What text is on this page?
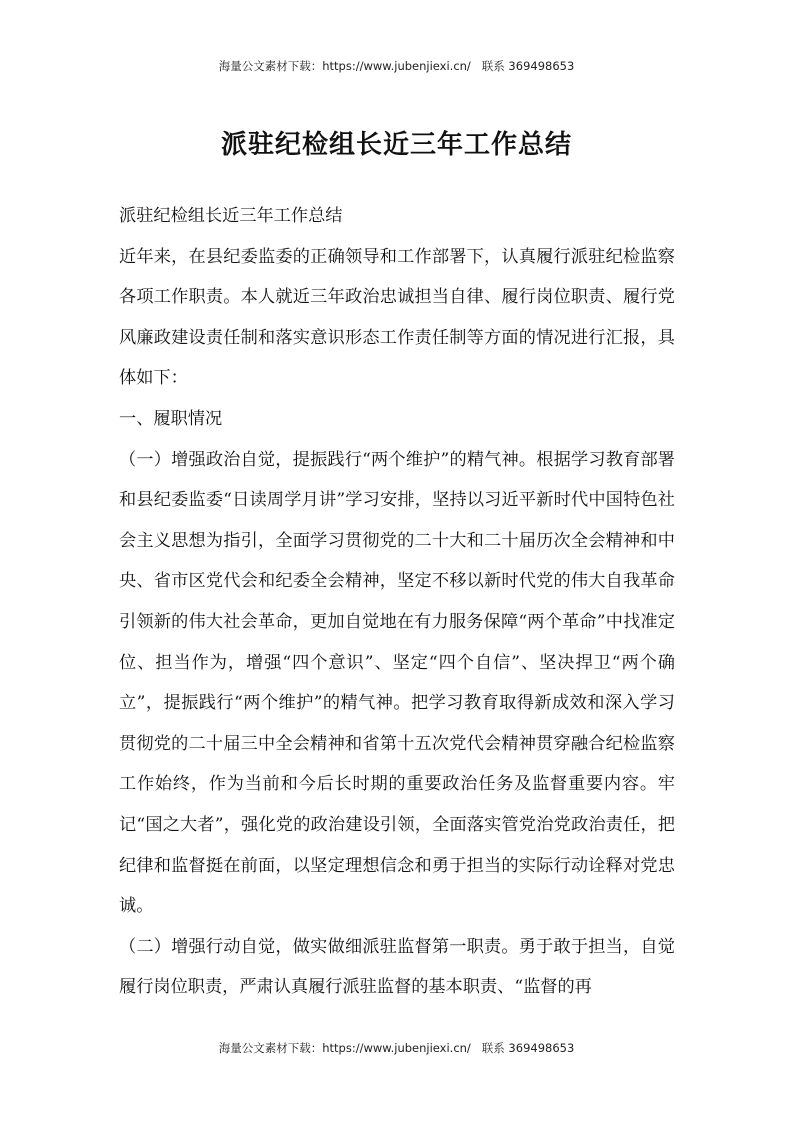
海量公文素材下载：https://www.jubenjiexi.cn/   联系 369498653
派驻纪检组长近三年工作总结

派驻纪检组长近三年工作总结

近年来，在县纪委监委的正确领导和工作部署下，认真履行派驻纪检监察各项工作职责。本人就近三年政治忠诚担当自律、履行岗位职责、履行党风廉政建设责任制和落实意识形态工作责任制等方面的情况进行汇报，具体如下：

一、履职情况

（一）增强政治自觉，提振践行“两个维护”的精气神。根据学习教育部署和县纪委监委“日读周学月讲”学习安排，坚持以习近平新时代中国特色社会主义思想为指引，全面学习贯彻党的二十大和二十届历次全会精神和中央、省市区党代会和纪委全会精神，坚定不移以新时代党的伟大自我革命引领新的伟大社会革命，更加自觉地在有力服务保障“两个革命”中找准定位、担当作为，增强“四个意识”、坚定“四个自信”、坚决捍卫“两个确立”，提振践行“两个维护”的精气神。把学习教育取得新成效和深入学习贯彻党的二十届三中全会精神和省第十五次党代会精神贯穿融合纪检监察工作始终，作为当前和今后长时期的重要政治任务及监督重要内容。牢记“国之大者”，强化党的政治建设引领，全面落实管党治党政治责任，把纪律和监督挺在前面，以坚定理想信念和勇于担当的实际行动诠释对党忠诚。

（二）增强行动自觉，做实做细派驻监督第一职责。勇于敢于担当，自觉履行岗位职责，严肃认真履行派驻监督的基本职责、“监督的再

海量公文素材下载：https://www.jubenjiexi.cn/   联系 369498653
